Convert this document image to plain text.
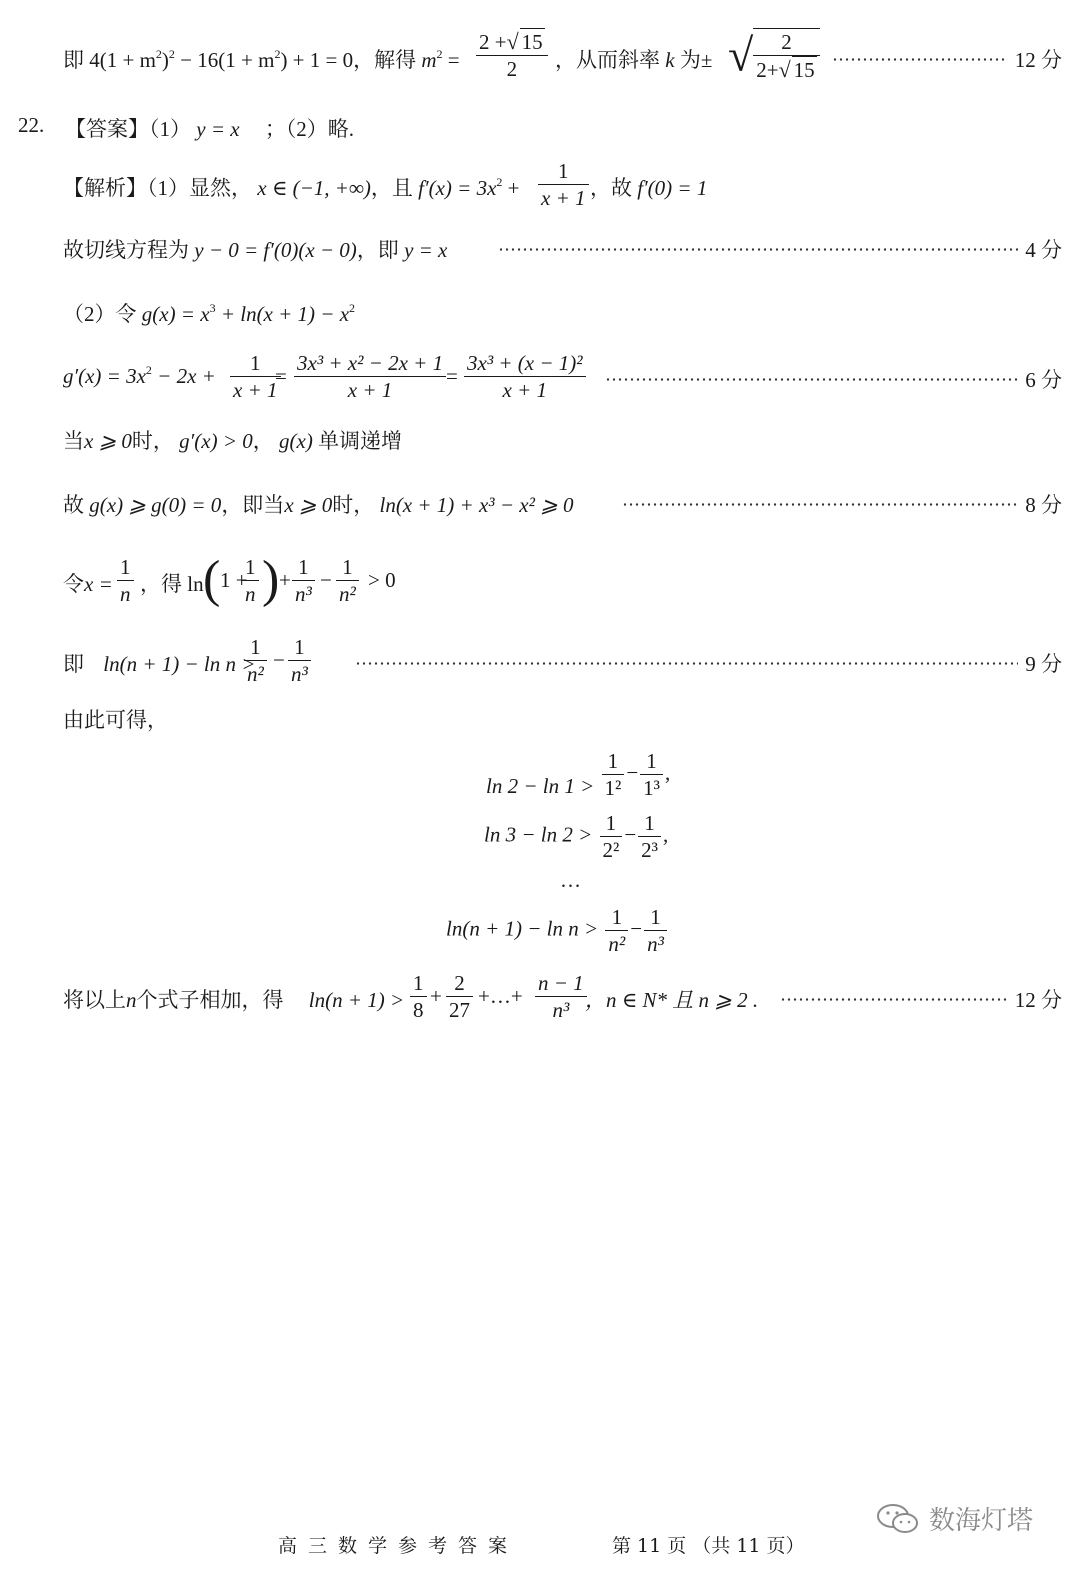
即 $4(1 + m^2)^2 - 16(1 + m^2) + 1 = 0$，解得 $m^2 = \frac{2 +√ 15}{2}$ ，从而斜率 k 为± √ $\frac{2}{2+√ 15}$	12 分
22. 【答案】（1） y = x ；（2）略.
【解析】（1）显然， x ∈ (−1, +∞)，且 $f'(x) = 3x^2 + \frac{1}{x + 1}$ ，故 f′(0) = 1
故切线方程为 y − 0 = f′(0)(x − 0)，即 y = x	4 分
（2）令 $g(x) = x^3 + \ln(x + 1) - x^2$
$g'(x) = 3x^2 - 2x + \frac{1}{x + 1}$
= $\frac{\text{3x³ + x² − 2x + 1}}{x + 1} = \frac{\text{3x³ + (x − 1)²}}{x + 1}$	6 分
当x ⩾ 0时， g′(x) > 0， g(x) 单调递增
故 g(x) ⩾ g(0) = 0，即当x ⩾ 0时， ln(x + 1) + x³ − x² ⩾ 0	8 分
令$x = \frac{1}{n}$ ，得 ln ( 1 +
$\frac{1}{n}$ ) + $\frac{1}{\text{n³}} - \frac{1}{\text{n²}} > 0$
即 ln(n + 1) − ln n >
$\frac{1}{\text{n²}} - \frac{1}{\text{n³}}$	9 分
由此可得，
$\ln 2 - \ln 1 > \frac{1}{\text{1²}} - \frac{1}{\text{1³}}$ ,
$\ln 3 - \ln 2 > \frac{1}{\text{2²}} - \frac{1}{\text{2³}}$ ,
…
$\ln(n + 1) - \ln n > \frac{1}{\text{n²}} - \frac{1}{\text{n³}}$
将以上n个式子相加，得 $\ln(n + 1) > \frac{1}{8} + \frac{2}{27}$ +…+ $\frac{n - 1}{\text{n³}}$
，n ∈ N* 且 n ⩾ 2 .	12 分
高三数学参考答案	第 11 页 （共 11 页）
数海灯塔
